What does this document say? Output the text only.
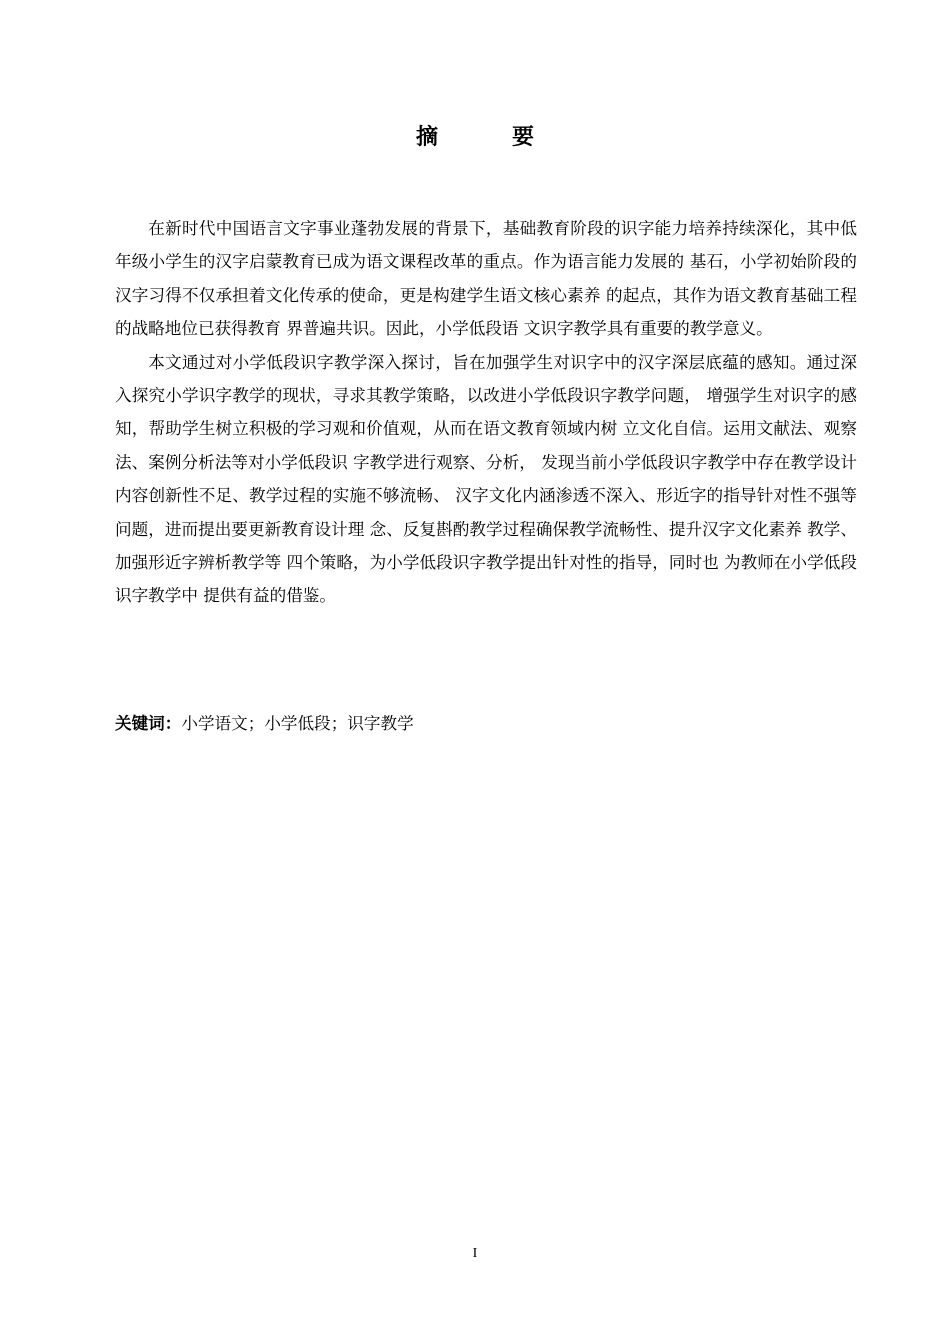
摘　要

在新时代中国语言文字事业蓬勃发展的背景下，基础教育阶段的识字能力培养持续深化，其中低年级小学生的汉字启蒙教育已成为语文课程改革的重点。作为语言能力发展的 基石，小学初始阶段的汉字习得不仅承担着文化传承的使命，更是构建学生语文核心素养 的起点，其作为语文教育基础工程的战略地位已获得教育 界普遍共识。因此，小学低段语 文识字教学具有重要的教学意义。

本文通过对小学低段识字教学深入探讨，旨在加强学生对识字中的汉字深层底蕴的感知。通过深入探究小学识字教学的现状，寻求其教学策略，以改进小学低段识字教学问题， 增强学生对识字的感知，帮助学生树立积极的学习观和价值观，从而在语文教育领域内树 立文化自信。运用文献法、观察法、案例分析法等对小学低段识 字教学进行观察、分析， 发现当前小学低段识字教学中存在教学设计内容创新性不足、教学过程的实施不够流畅、 汉字文化内涵渗透不深入、形近字的指导针对性不强等问题，进而提出要更新教育设计理 念、反复斟酌教学过程确保教学流畅性、提升汉字文化素养 教学、加强形近字辨析教学等 四个策略，为小学低段识字教学提出针对性的指导，同时也 为教师在小学低段识字教学中 提供有益的借鉴。

关键词：小学语文；小学低段；识字教学
I
